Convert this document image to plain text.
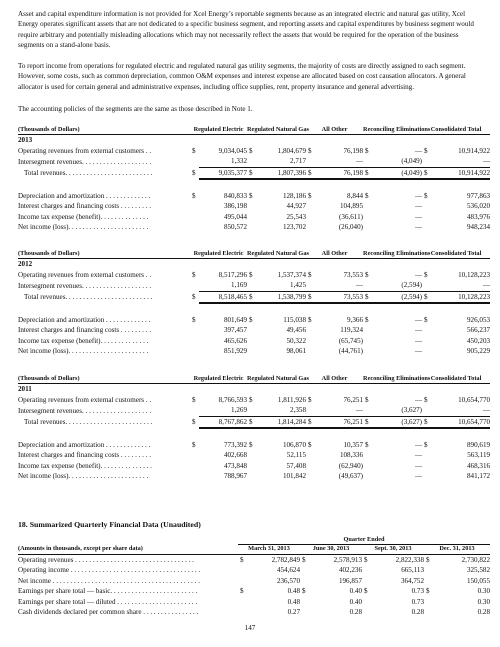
Asset and capital expenditure information is not provided for Xcel Energy’s reportable segments because as an integrated electric and natural gas utility, Xcel Energy operates significant assets that are not dedicated to a specific business segment, and reporting assets and capital expenditures by business segment would require arbitrary and potentially misleading allocations which may not necessarily reflect the assets that would be required for the operation of the business segments on a stand-alone basis.

To report income from operations for regulated electric and regulated natural gas utility segments, the majority of costs are directly assigned to each segment. However, some costs, such as common depreciation, common O&M expenses and interest expense are allocated based on cost causation allocators. A general allocator is used for certain general and administrative expenses, including office supplies, rent, property insurance and general advertising.

The accounting policies of the segments are the same as those described in Note 1.

(Thousands of Dollars)	Regulated Electric		Regulated Natural Gas		All Other		Reconciling Eliminations		Consolidated Total	
2013										
Operating revenues from external customers . .	$	9,034,045	$	1,804,679	$	76,198	$	—	$	10,914,922
Intersegment revenues. . . . . . . . . . . . . . . . . . . .		1,332		2,717		—		(4,049)		—
Total revenues. . . . . . . . . . . . . . . . . . . . . . . . .	$	9,035,377	$	1,807,396	$	76,198	$	(4,049)	$	10,914,922

Depreciation and amortization . . . . . . . . . . . . .	$	840,833	$	128,186	$	8,844	$	—	$	977,863
Interest charges and financing costs . . . . . . . . .		386,198		44,927		104,895		—		536,020
Income tax expense (benefit). . . . . . . . . . . . . .		495,044		25,543		(36,611)		—		483,976
Net income (loss). . . . . . . . . . . . . . . . . . . . . . .		850,572		123,702		(26,040)		—		948,234
(Thousands of Dollars)	Regulated Electric		Regulated Natural Gas		All Other		Reconciling Eliminations		Consolidated Total	
2012										
Operating revenues from external customers . .	$	8,517,296	$	1,537,374	$	73,553	$	—	$	10,128,223
Intersegment revenues. . . . . . . . . . . . . . . . . . . .		1,169		1,425		—		(2,594)		—
Total revenues. . . . . . . . . . . . . . . . . . . . . . . . .	$	8,518,465	$	1,538,799	$	73,553	$	(2,594)	$	10,128,223

Depreciation and amortization . . . . . . . . . . . . .	$	801,649	$	115,038	$	9,366	$	—	$	926,053
Interest charges and financing costs . . . . . . . . .		397,457		49,456		119,324		—		566,237
Income tax expense (benefit). . . . . . . . . . . . . .		465,626		50,322		(65,745)		—		450,203
Net income (loss). . . . . . . . . . . . . . . . . . . . . . .		851,929		98,061		(44,761)		—		905,229
(Thousands of Dollars)	Regulated Electric		Regulated Natural Gas		All Other		Reconciling Eliminations		Consolidated Total	
2011										
Operating revenues from external customers . .	$	8,766,593	$	1,811,926	$	76,251	$	—	$	10,654,770
Intersegment revenues. . . . . . . . . . . . . . . . . . . .		1,269		2,358		—		(3,627)		—
Total revenues. . . . . . . . . . . . . . . . . . . . . . . . .	$	8,767,862	$	1,814,284	$	76,251	$	(3,627)	$	10,654,770

Depreciation and amortization . . . . . . . . . . . . .	$	773,392	$	106,870	$	10,357	$	—	$	890,619
Interest charges and financing costs . . . . . . . . .		402,668		52,115		108,336		—		563,119
Income tax expense (benefit). . . . . . . . . . . . . . .		473,848		57,408		(62,940)		—		468,316
Net income (loss). . . . . . . . . . . . . . . . . . . . . . .		788,967		101,842		(49,637)		—		841,172
18. Summarized Quarterly Financial Data (Unaudited)
	Quarter Ended							
(Amounts in thousands, except per share data)	March 31, 2013		June 30, 2013		Sept. 30, 2013		Dec. 31, 2013	
Operating revenues . . . . . . . . . . . . . . . . . . . . . . . . . . . . . . . . . .	$	2,782,849	$	2,578,913	$	2,822,338	$	2,730,822
Operating income . . . . . . . . . . . . . . . . . . . . . . . . . . . . . . . . . . . . .		454,624		402,236		665,113		325,582
Net income . . . . . . . . . . . . . . . . . . . . . . . . . . . . . . . . . . . . . . . . . .		236,570		196,857		364,752		150,055
Earnings per share total — basic. . . . . . . . . . . . . . . . . . . . . . . . .	$	0.48	$	0.40	$	0.73	$	0.30
Earnings per share total — diluted . . . . . . . . . . . . . . . . . . . . . . .		0.48		0.40		0.73		0.30
Cash dividends declared per common share . . . . . . . . . . . . . . . .		0.27		0.28		0.28		0.28
147
